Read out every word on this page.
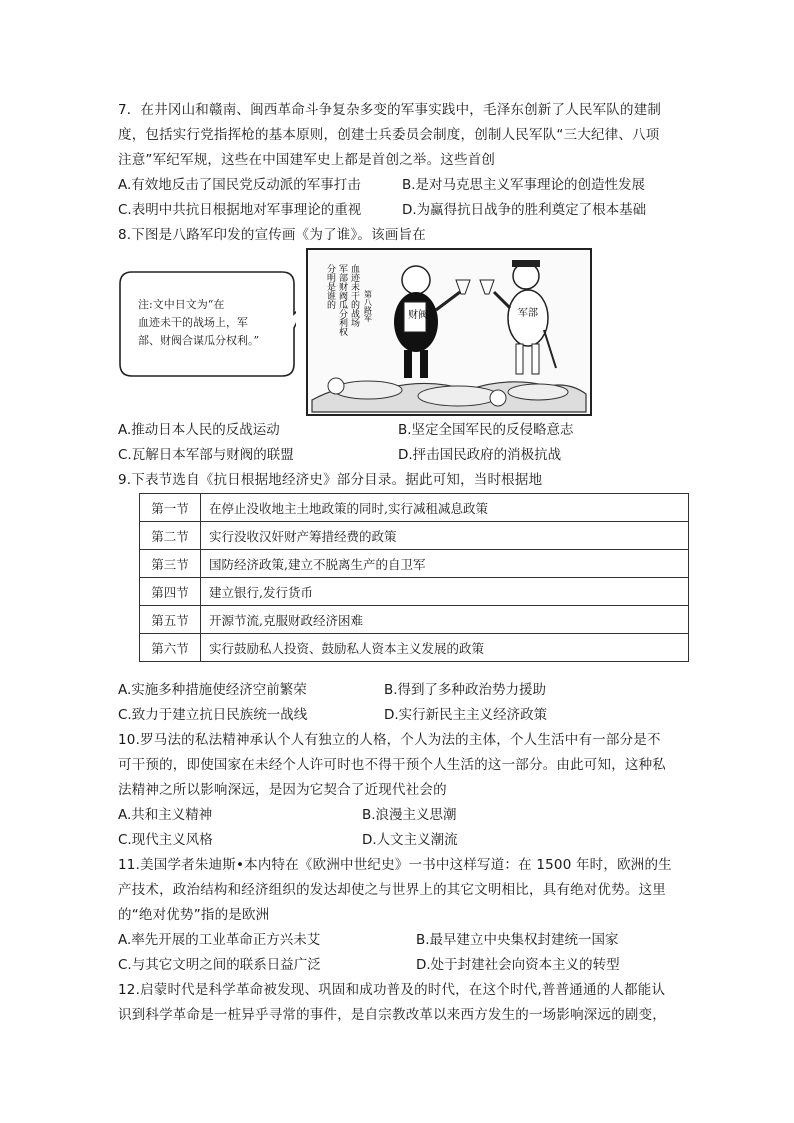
7．在井冈山和赣南、闽西革命斗争复杂多变的军事实践中，毛泽东创新了人民军队的建制
度，包括实行党指挥枪的基本原则，创建士兵委员会制度，创制人民军队“三大纪律、八项
注意”军纪军规，这些在中国建军史上都是首创之举。这些首创
A.有效地反击了国民党反动派的军事打击	B.是对马克思主义军事理论的创造性发展
C.表明中共抗日根据地对军事理论的重视	D.为赢得抗日战争的胜利奠定了根本基础
8.下图是八路军印发的宣传画《为了谁》。该画旨在
注:文中日文为“在
血迹未干的战场上，军
部、财阀合谋瓜分权利。”
血迹未干的战场
军部财阀瓜分利权
分明是谁的	第八路军	财阀	军部
A.推动日本人民的反战运动	B.坚定全国军民的反侵略意志
C.瓦解日本军部与财阀的联盟	D.抨击国民政府的消极抗战
9.下表节选自《抗日根据地经济史》部分目录。据此可知，当时根据地
第一节	在停止没收地主土地政策的同时,实行减租减息政策
第二节	实行没收汉奸财产筹措经费的政策
第三节	国防经济政策,建立不脱离生产的自卫军
第四节	建立银行,发行货币
第五节	开源节流,克服财政经济困难
第六节	实行鼓励私人投资、鼓励私人资本主义发展的政策
A.实施多种措施使经济空前繁荣	B.得到了多种政治势力援助
C.致力于建立抗日民族统一战线	D.实行新民主主义经济政策
10.罗马法的私法精神承认个人有独立的人格，个人为法的主体，个人生活中有一部分是不
可干预的，即使国家在未经个人许可时也不得干预个人生活的这一部分。由此可知，这种私
法精神之所以影响深远，是因为它契合了近现代社会的
A.共和主义精神	B.浪漫主义思潮
C.现代主义风格	D.人文主义潮流
11.美国学者朱迪斯•本内特在《欧洲中世纪史》一书中这样写道：在 1500 年时，欧洲的生
产技术，政治结构和经济组织的发达却使之与世界上的其它文明相比，具有绝对优势。这里
的“绝对优势”指的是欧洲
A.率先开展的工业革命正方兴未艾	B.最早建立中央集权封建统一国家
C.与其它文明之间的联系日益广泛	D.处于封建社会向资本主义的转型
12.启蒙时代是科学革命被发现、巩固和成功普及的时代，在这个时代,普普通通的人都能认
识到科学革命是一桩异乎寻常的事件，是自宗教改革以来西方发生的一场影响深远的剧变，
